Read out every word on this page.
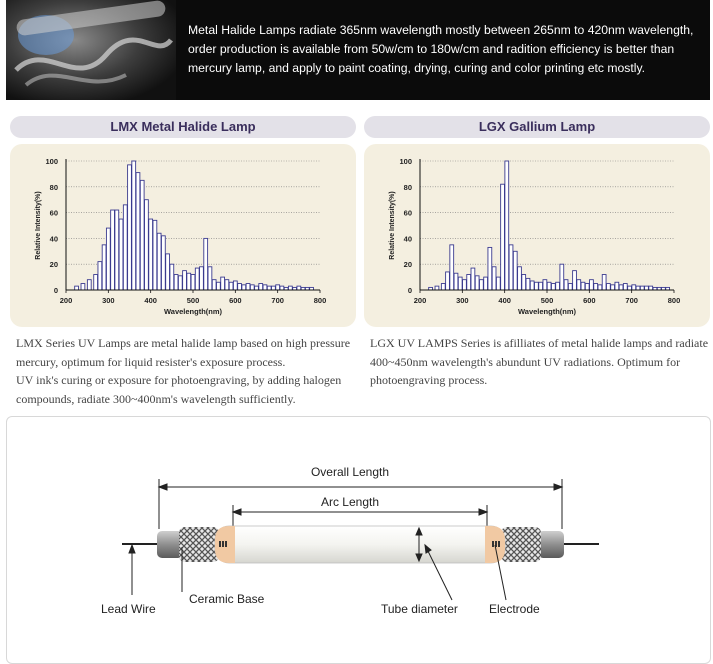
Metal Halide Lamps radiate 365nm wavelength mostly between 265nm to 420nm wavelength,
order production is available from 50w/cm to 180w/cm and radition efficiency is better than
mercury lamp, and apply to paint coating, drying, curing and color printing etc mostly.
LMX Metal Halide Lamp	LGX Gallium Lamp
0
20
40
60
80
100
200	300	400	500	600	700	800
Wavelength(nm)
Relative Intensity(%)
0
20
40
60
80
100
200	300	400	500	600	700	800
Wavelength(nm)
Relative Intensity(%)
LMX Series UV Lamps are metal halide lamp based on high pressure
mercury, optimum for liquid resister's exposure process.
UV ink's curing or exposure for photoengraving, by adding halogen
compounds, radiate 300~400nm's wavelength sufficiently.
LGX UV LAMPS Series is afilliates of metal halide lamps and radiate
400~450nm wavelength's abundunt UV radiations. Optimum for
photoengraving process.
Overall Length
Arc Length
Lead Wire
Ceramic Base
Tube diameter	Electrode
